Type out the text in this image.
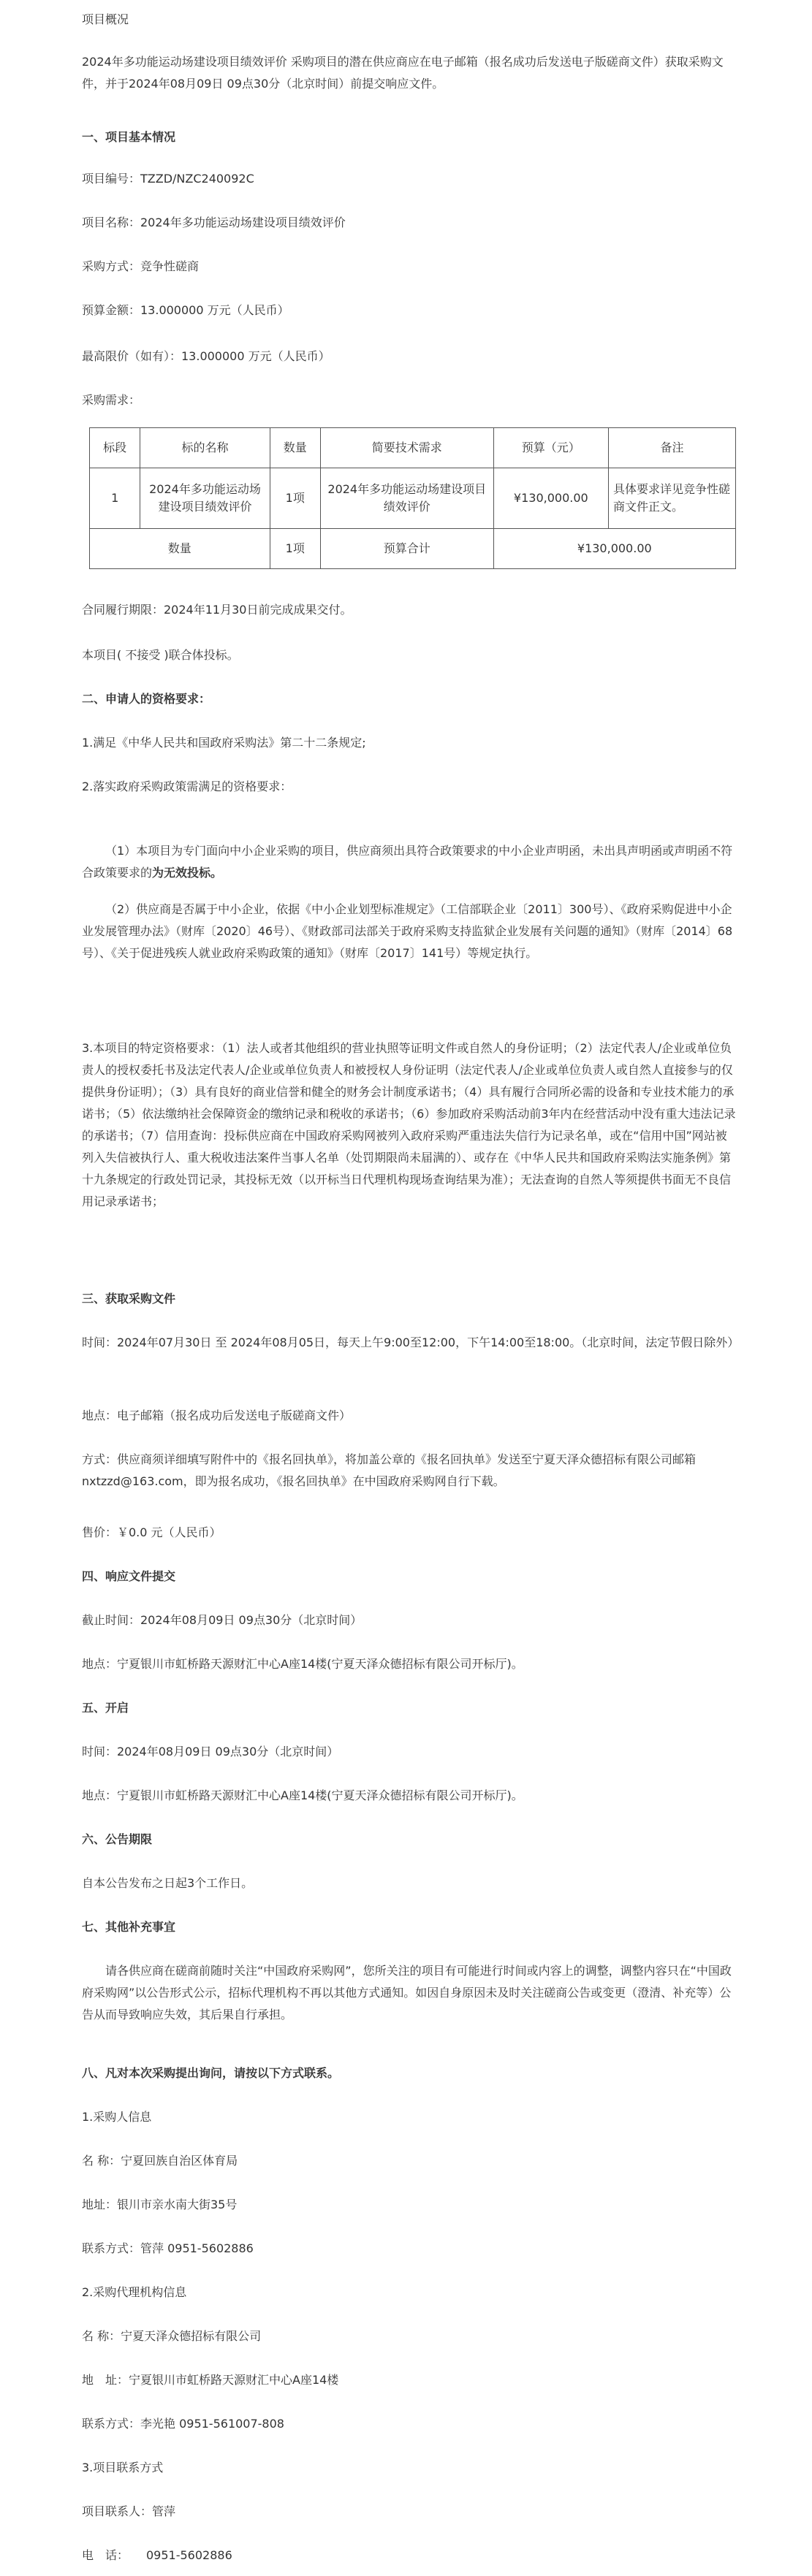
项目概况

2024年多功能运动场建设项目绩效评价 采购项目的潜在供应商应在电子邮箱（报名成功后发送电子版磋商文件）获取采购文件，并于2024年08月09日 09点30分（北京时间）前提交响应文件。

一、项目基本情况

项目编号：TZZD/NZC240092C

项目名称：2024年多功能运动场建设项目绩效评价

采购方式：竞争性磋商

预算金额：13.000000 万元（人民币）

最高限价（如有）：13.000000 万元（人民币）

采购需求：

标段	标的名称	数量	简要技术需求	预算（元）	备注
1	2024年多功能运动场建设项目绩效评价	1项	2024年多功能运动场建设项目绩效评价	¥130,000.00	具体要求详见竞争性磋商文件正文。
数量		1项	预算合计	¥130,000.00	

合同履行期限：2024年11月30日前完成成果交付。

本项目( 不接受 )联合体投标。

二、申请人的资格要求：

1.满足《中华人民共和国政府采购法》第二十二条规定;

2.落实政府采购政策需满足的资格要求：

（1）本项目为专门面向中小企业采购的项目，供应商须出具符合政策要求的中小企业声明函，未出具声明函或声明函不符合政策要求的为无效投标。

（2）供应商是否属于中小企业，依据《中小企业划型标准规定》（工信部联企业〔2011〕300号）、《政府采购促进中小企业发展管理办法》（财库〔2020〕46号）、《财政部司法部关于政府采购支持监狱企业发展有关问题的通知》（财库〔2014〕68号）、《关于促进残疾人就业政府采购政策的通知》（财库〔2017〕141号）等规定执行。

3.本项目的特定资格要求：（1）法人或者其他组织的营业执照等证明文件或自然人的身份证明；（2）法定代表人/企业或单位负责人的授权委托书及法定代表人/企业或单位负责人和被授权人身份证明（法定代表人/企业或单位负责人或自然人直接参与的仅提供身份证明）；（3）具有良好的商业信誉和健全的财务会计制度承诺书；（4）具有履行合同所必需的设备和专业技术能力的承诺书；（5）依法缴纳社会保障资金的缴纳记录和税收的承诺书；（6）参加政府采购活动前3年内在经营活动中没有重大违法记录的承诺书；（7）信用查询：投标供应商在中国政府采购网被列入政府采购严重违法失信行为记录名单，或在“信用中国”网站被列入失信被执行人、重大税收违法案件当事人名单（处罚期限尚未届满的）、或存在《中华人民共和国政府采购法实施条例》第十九条规定的行政处罚记录，其投标无效（以开标当日代理机构现场查询结果为准）；无法查询的自然人等须提供书面无不良信用记录承诺书；

三、获取采购文件

时间：2024年07月30日 至 2024年08月05日，每天上午9:00至12:00，下午14:00至18:00。（北京时间，法定节假日除外）

地点：电子邮箱（报名成功后发送电子版磋商文件）

方式：供应商须详细填写附件中的《报名回执单》，将加盖公章的《报名回执单》发送至宁夏天泽众德招标有限公司邮箱nxtzzd@163.com，即为报名成功，《报名回执单》在中国政府采购网自行下载。

售价：￥0.0 元（人民币）

四、响应文件提交

截止时间：2024年08月09日 09点30分（北京时间）

地点：宁夏银川市虹桥路天源财汇中心A座14楼(宁夏天泽众德招标有限公司开标厅)。

五、开启

时间：2024年08月09日 09点30分（北京时间）

地点：宁夏银川市虹桥路天源财汇中心A座14楼(宁夏天泽众德招标有限公司开标厅)。

六、公告期限

自本公告发布之日起3个工作日。

七、其他补充事宜

请各供应商在磋商前随时关注“中国政府采购网”，您所关注的项目有可能进行时间或内容上的调整，调整内容只在“中国政府采购网”以公告形式公示，招标代理机构不再以其他方式通知。如因自身原因未及时关注磋商公告或变更（澄清、补充等）公告从而导致响应失效，其后果自行承担。

八、凡对本次采购提出询问，请按以下方式联系。

1.采购人信息

名 称：宁夏回族自治区体育局

地址：银川市亲水南大街35号

联系方式：管萍 0951-5602886

2.采购代理机构信息

名 称：宁夏天泽众德招标有限公司

地　址：宁夏银川市虹桥路天源财汇中心A座14楼

联系方式：李光艳 0951-561007-808

3.项目联系方式

项目联系人：管萍

电　话：　　0951-5602886
